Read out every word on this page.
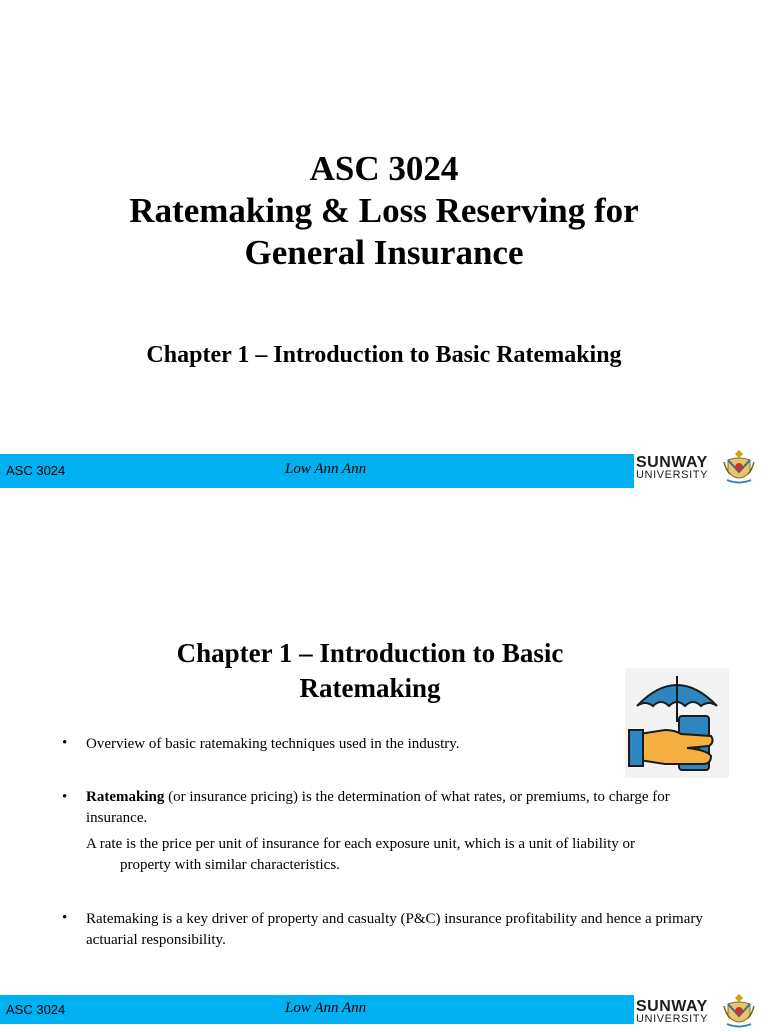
ASC 3024
Ratemaking & Loss Reserving for
General Insurance
Chapter 1 – Introduction to Basic Ratemaking
ASC 3024	Low Ann Ann	SUNWAY
UNIVERSITY
Chapter 1 – Introduction to Basic
Ratemaking
• Overview of basic ratemaking techniques used in the industry.
• Ratemaking (or insurance pricing) is the determination of what rates, or premiums, to charge for insurance.
A rate is the price per unit of insurance for each exposure unit, which is a unit of liability or
property with similar characteristics.
• Ratemaking is a key driver of property and casualty (P&C) insurance profitability and hence a primary actuarial responsibility.
ASC 3024	Low Ann Ann	SUNWAY
UNIVERSITY
